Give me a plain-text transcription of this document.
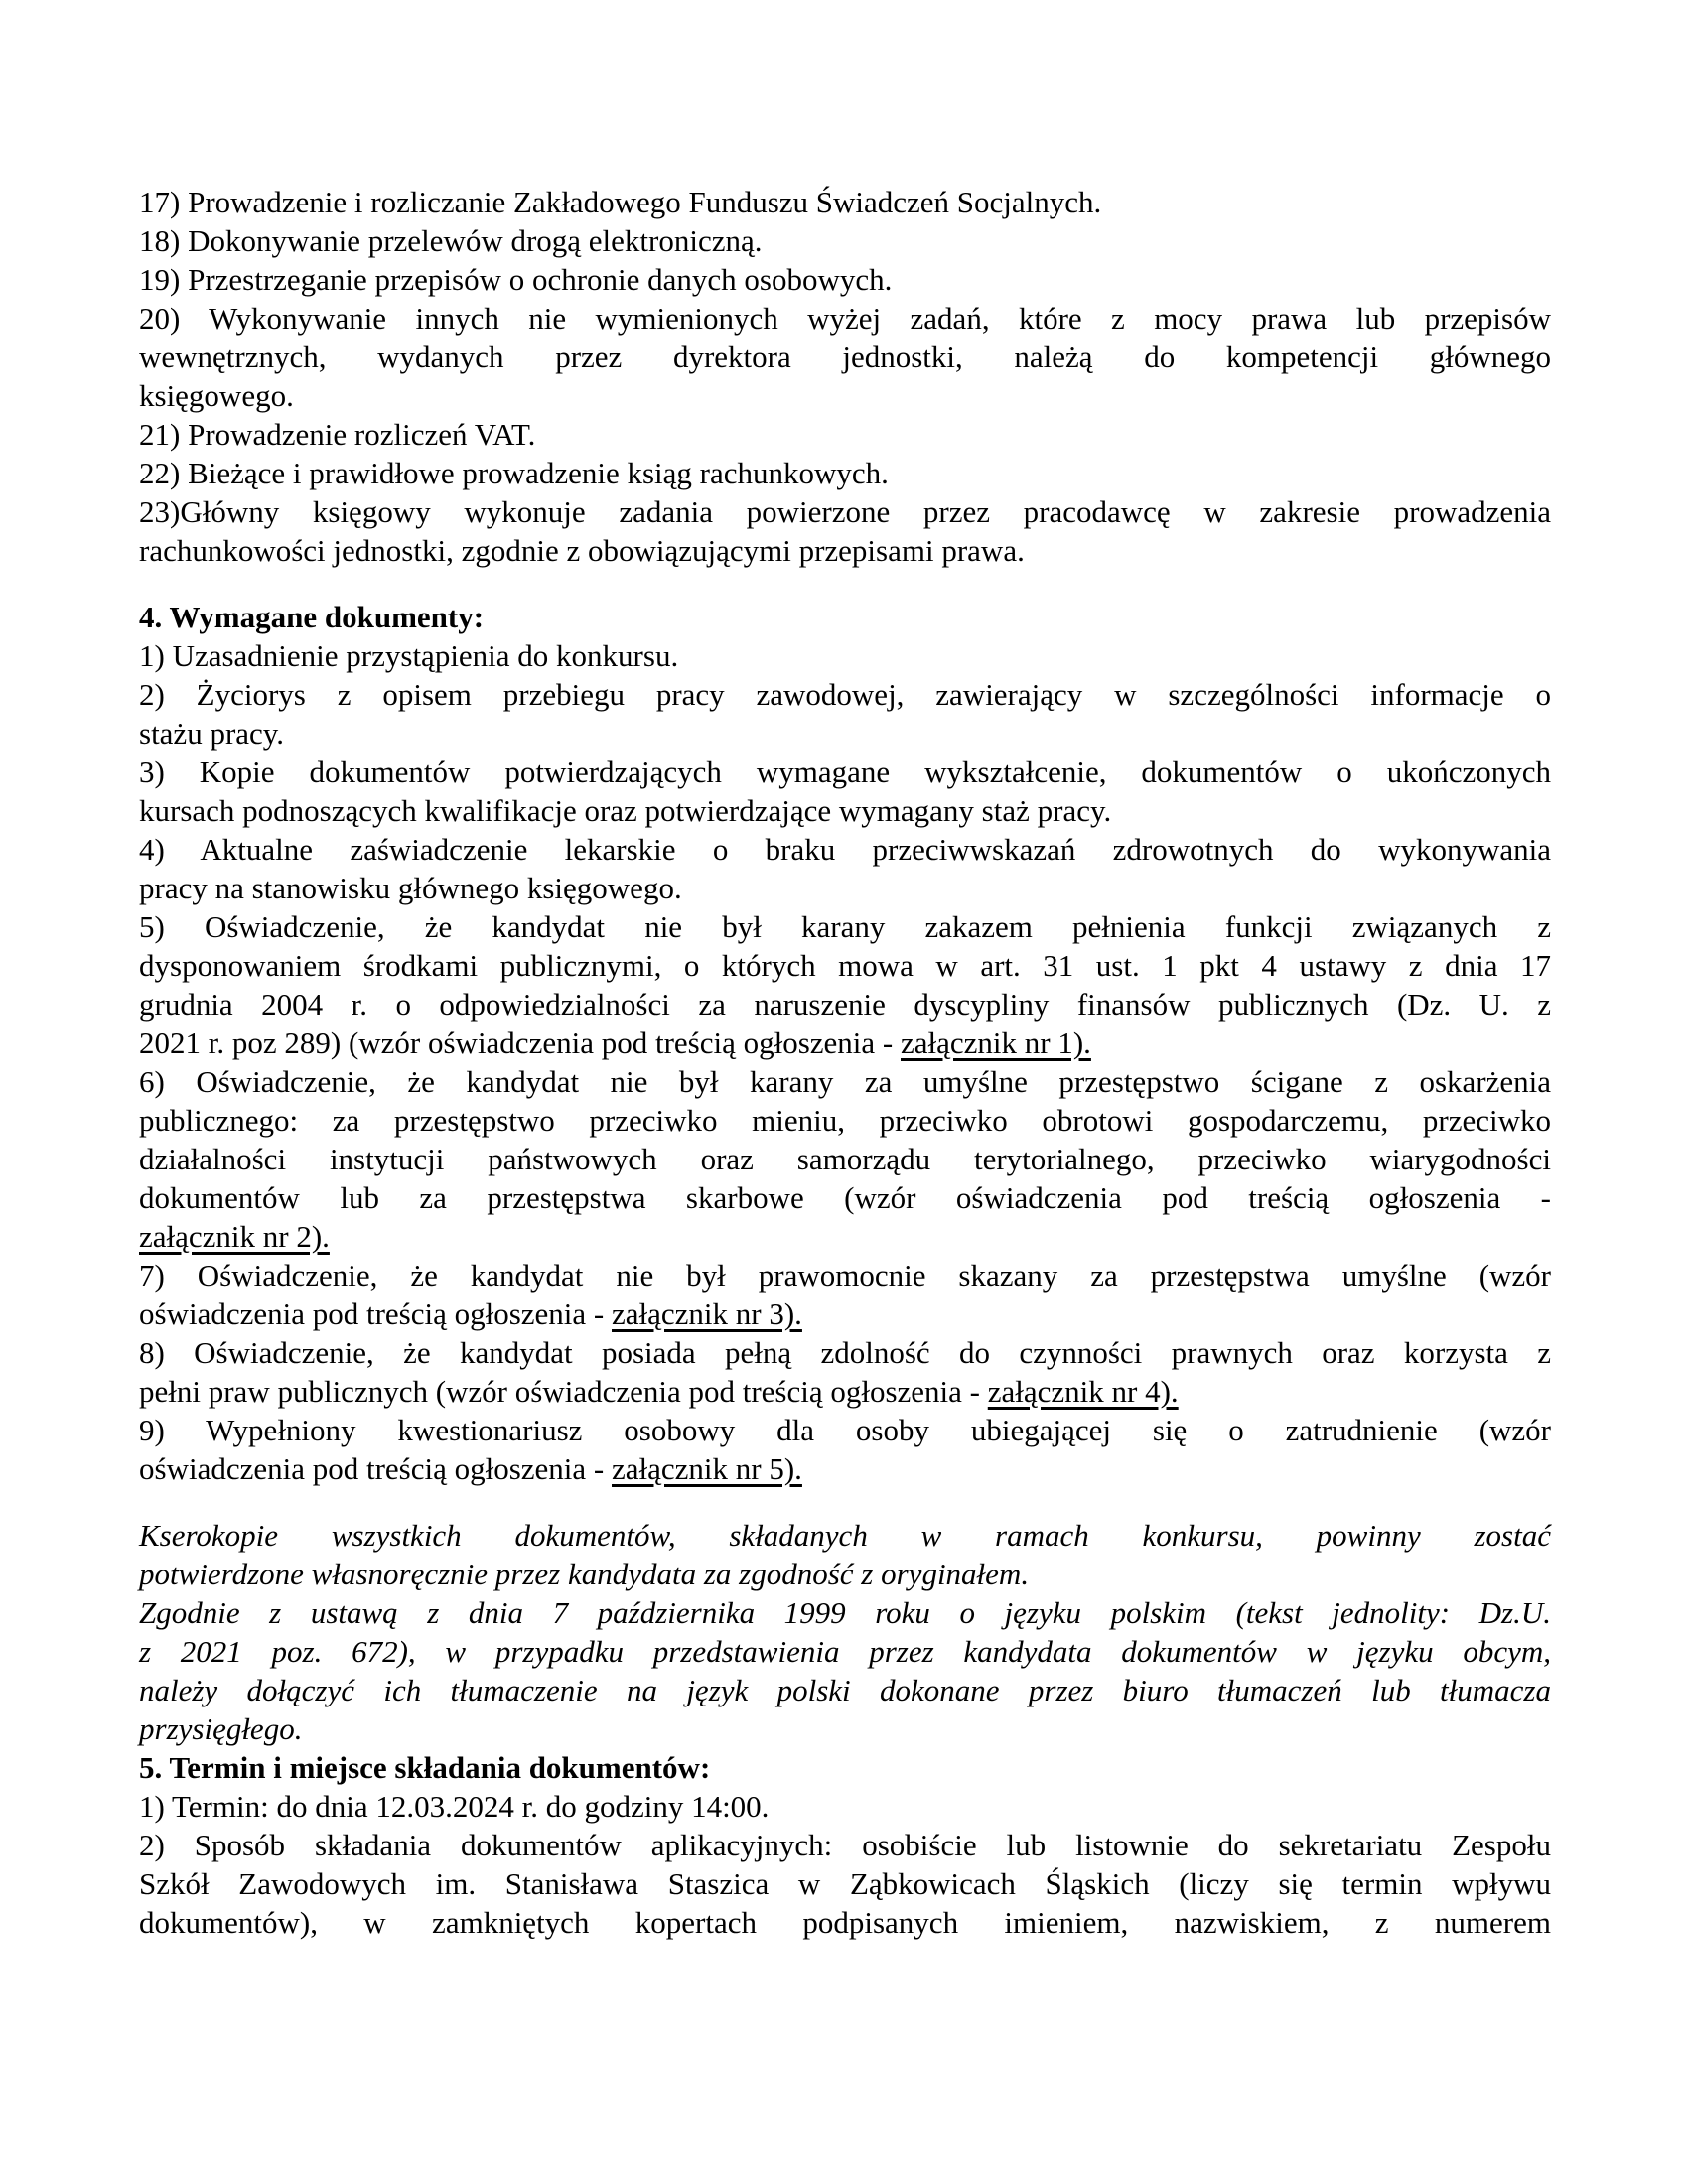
17) Prowadzenie i rozliczanie Zakładowego Funduszu Świadczeń Socjalnych.
18) Dokonywanie przelewów drogą elektroniczną.
19) Przestrzeganie przepisów o ochronie danych osobowych.
20) Wykonywanie innych nie wymienionych wyżej zadań, które z mocy prawa lub przepisów
wewnętrznych, wydanych przez dyrektora jednostki, należą do kompetencji głównego
księgowego.
21) Prowadzenie rozliczeń VAT.
22) Bieżące i prawidłowe prowadzenie ksiąg rachunkowych.
23)Główny księgowy wykonuje zadania powierzone przez pracodawcę w zakresie prowadzenia
rachunkowości jednostki, zgodnie z obowiązującymi przepisami prawa.
4. Wymagane dokumenty:
1) Uzasadnienie przystąpienia do konkursu.
2) Życiorys z opisem przebiegu pracy zawodowej, zawierający w szczególności informacje o
stażu pracy.
3) Kopie dokumentów potwierdzających wymagane wykształcenie, dokumentów o ukończonych
kursach podnoszących kwalifikacje oraz potwierdzające wymagany staż pracy.
4) Aktualne zaświadczenie lekarskie o braku przeciwwskazań zdrowotnych do wykonywania
pracy na stanowisku głównego księgowego.
5) Oświadczenie, że kandydat nie był karany zakazem pełnienia funkcji związanych z
dysponowaniem środkami publicznymi, o których mowa w art. 31 ust. 1 pkt 4 ustawy z dnia 17
grudnia 2004 r. o odpowiedzialności za naruszenie dyscypliny finansów publicznych (Dz. U. z
2021 r. poz 289) (wzór oświadczenia pod treścią ogłoszenia - załącznik nr 1).
6) Oświadczenie, że kandydat nie był karany za umyślne przestępstwo ścigane z oskarżenia
publicznego: za przestępstwo przeciwko mieniu, przeciwko obrotowi gospodarczemu, przeciwko
działalności instytucji państwowych oraz samorządu terytorialnego, przeciwko wiarygodności
dokumentów lub za przestępstwa skarbowe (wzór oświadczenia pod treścią ogłoszenia -
załącznik nr 2).
7) Oświadczenie, że kandydat nie był prawomocnie skazany za przestępstwa umyślne (wzór
oświadczenia pod treścią ogłoszenia - załącznik nr 3).
8) Oświadczenie, że kandydat posiada pełną zdolność do czynności prawnych oraz korzysta z
pełni praw publicznych (wzór oświadczenia pod treścią ogłoszenia - załącznik nr 4).
9) Wypełniony kwestionariusz osobowy dla osoby ubiegającej się o zatrudnienie (wzór
oświadczenia pod treścią ogłoszenia - załącznik nr 5).
Kserokopie wszystkich dokumentów, składanych w ramach konkursu, powinny zostać
potwierdzone własnoręcznie przez kandydata za zgodność z oryginałem.
Zgodnie z ustawą z dnia 7 października 1999 roku o języku polskim (tekst jednolity: Dz.U.
z 2021 poz. 672), w przypadku przedstawienia przez kandydata dokumentów w języku obcym,
należy dołączyć ich tłumaczenie na język polski dokonane przez biuro tłumaczeń lub tłumacza
przysięgłego.
5. Termin i miejsce składania dokumentów:
1) Termin: do dnia 12.03.2024 r. do godziny 14:00.
2) Sposób składania dokumentów aplikacyjnych: osobiście lub listownie do sekretariatu Zespołu
Szkół Zawodowych im. Stanisława Staszica w Ząbkowicach Śląskich (liczy się termin wpływu
dokumentów), w zamkniętych kopertach podpisanych imieniem, nazwiskiem, z numerem
